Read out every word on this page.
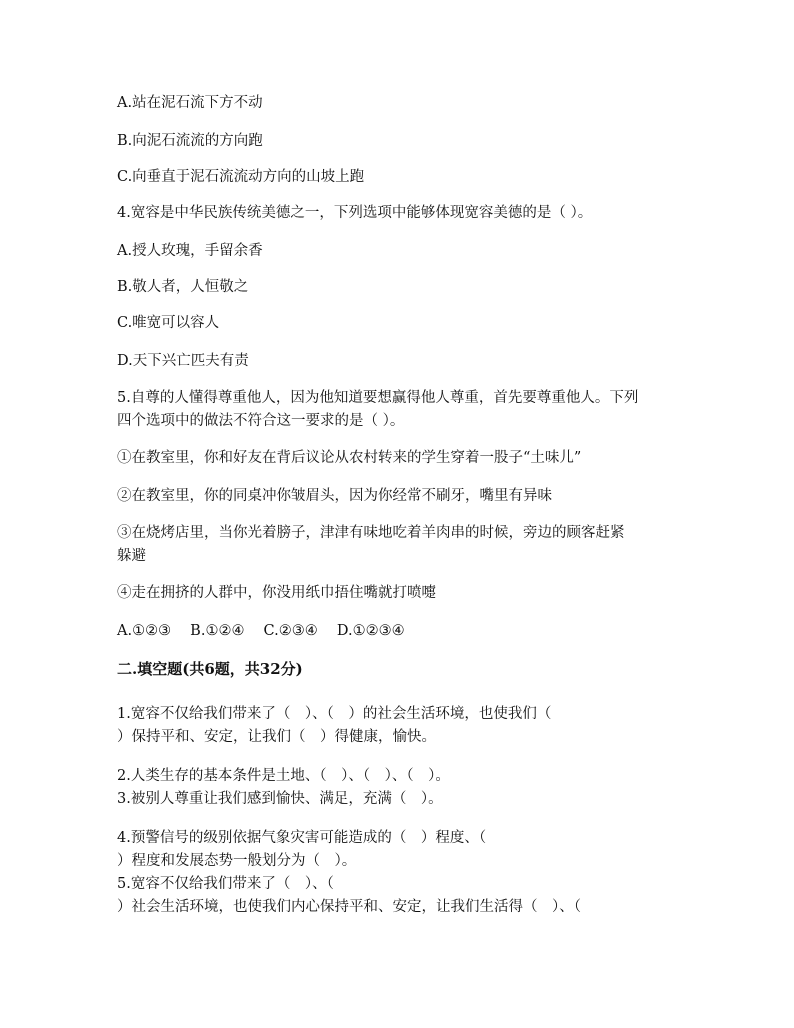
A.站在泥石流下方不动
B.向泥石流流的方向跑
C.向垂直于泥石流流动方向的山坡上跑
4.宽容是中华民族传统美德之一，下列选项中能够体现宽容美德的是（ ）。
A.授人玫瑰，手留余香
B.敬人者，人恒敬之
C.唯宽可以容人
D.天下兴亡匹夫有责
5.自尊的人懂得尊重他人，因为他知道要想赢得他人尊重，首先要尊重他人。下列
四个选项中的做法不符合这一要求的是（ ）。
①在教室里，你和好友在背后议论从农村转来的学生穿着一股子“土味儿”
②在教室里，你的同桌冲你皱眉头，因为你经常不刷牙，嘴里有异味
③在烧烤店里，当你光着膀子，津津有味地吃着羊肉串的时候，旁边的顾客赶紧
躲避
④走在拥挤的人群中，你没用纸巾捂住嘴就打喷嚏
A.①②③　 B.①②④　 C.②③④　 D.①②③④
二.填空题(共6题，共32分)
1.宽容不仅给我们带来了（　）、（　）的社会生活环境，也使我们（
）保持平和、安定，让我们（　）得健康，愉快。
2.人类生存的基本条件是土地、（　）、（　）、（　）。
3.被别人尊重让我们感到愉快、满足，充满（　）。
4.预警信号的级别依据气象灾害可能造成的（　）程度、（
）程度和发展态势一般划分为（　）。
5.宽容不仅给我们带来了（　）、（
）社会生活环境，也使我们内心保持平和、安定，让我们生活得（　）、（
